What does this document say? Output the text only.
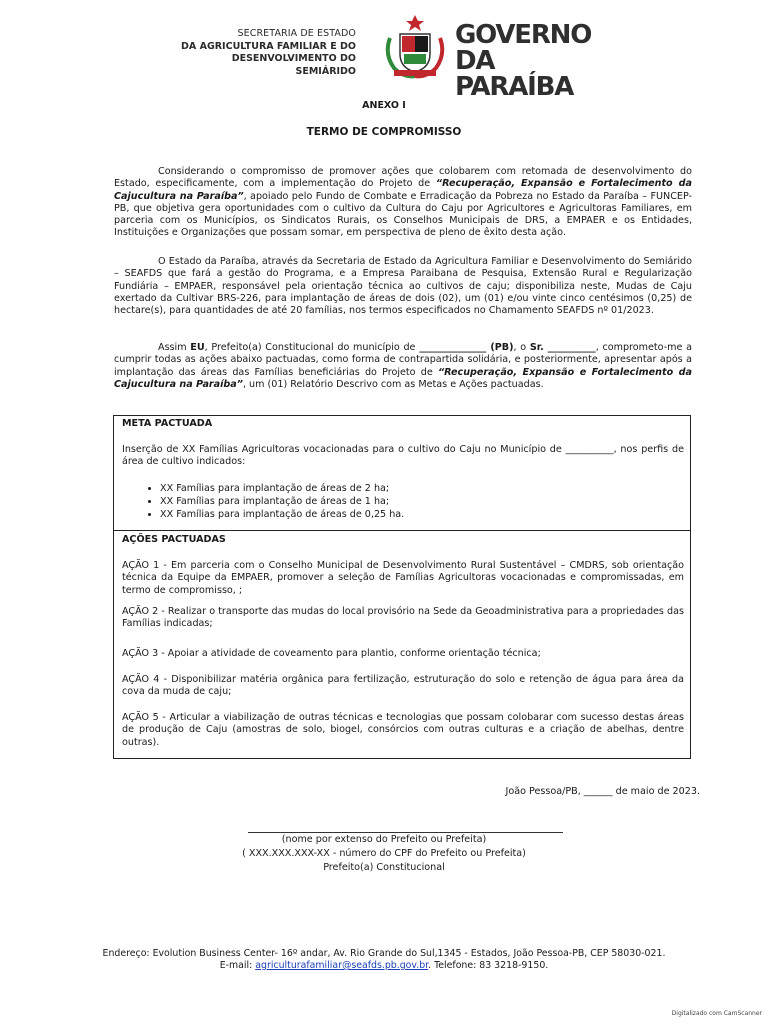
SECRETARIA DE ESTADO
DA AGRICULTURA FAMILIAR E DO
DESENVOLVIMENTO DO SEMIÁRIDO
GOVERNO
DA PARAÍBA
ANEXO I
TERMO DE COMPROMISSO

Considerando o compromisso de promover ações que colobarem com retomada de desenvolvimento do Estado, especificamente, com a implementação do Projeto de “Recuperação, Expansão e Fortalecimento da Cajucultura na Paraíba”, apoiado pelo Fundo de Combate e Erradicação da Pobreza no Estado da Paraíba – FUNCEP-PB, que objetiva gera oportunidades com o cultivo da Cultura do Caju por Agricultores e Agricultoras Familiares, em parceria com os Municípios, os Sindicatos Rurais, os Conselhos Municipais de DRS, a EMPAER e os Entidades, Instituições e Organizações que possam somar, em perspectiva de pleno de êxito desta ação.

O Estado da Paraíba, através da Secretaria de Estado da Agricultura Familiar e Desenvolvimento do Semiárido – SEAFDS que fará a gestão do Programa, e a Empresa Paraibana de Pesquisa, Extensão Rural e Regularização Fundiária – EMPAER, responsável pela orientação técnica ao cultivos de caju; disponibiliza neste, Mudas de Caju exertado da Cultivar BRS-226, para implantação de áreas de dois (02), um (01) e/ou vinte cinco centésimos (0,25) de hectare(s), para quantidades de até 20 famílias, nos termos especificados no Chamamento SEAFDS nº 01/2023.

Assim EU, Prefeito(a) Constitucional do município de ______________ (PB), o Sr. __________, comprometo-me a cumprir todas as ações abaixo pactuadas, como forma de contrapartida solidária, e posteriormente, apresentar após a implantação das áreas das Famílias beneficiárias do Projeto de “Recuperação, Expansão e Fortalecimento da Cajucultura na Paraíba”, um (01) Relatório Descrivo com as Metas e Ações pactuadas.

META PACTUADA
Inserção de XX Famílias Agricultoras vocacionadas para o cultivo do Caju no Município de __________, nos perfis de área de cultivo indicados:
• XX Famílias para implantação de áreas de 2 ha;
• XX Famílias para implantação de áreas de 1 ha;
• XX Famílias para implantação de áreas de 0,25 ha.
AÇÕES PACTUADAS
AÇÃO 1 - Em parceria com o Conselho Municipal de Desenvolvimento Rural Sustentável – CMDRS, sob orientação técnica da Equipe da EMPAER, promover a seleção de Famílias Agricultoras vocacionadas e compromissadas, em termo de compromisso, ;
AÇÃO 2 - Realizar o transporte das mudas do local provisório na Sede da Geoadministrativa para a propriedades das Famílias indicadas;
AÇÃO 3 - Apoiar a atividade de coveamento para plantio, conforme orientação técnica;
AÇÃO 4 - Disponibilizar matéria orgânica para fertilização, estruturação do solo e retenção de água para área da cova da muda de caju;
AÇÃO 5 - Articular a viabilização de outras técnicas e tecnologias que possam colobarar com sucesso destas áreas de produção de Caju (amostras de solo, biogel, consórcios com outras culturas e a criação de abelhas, dentre outras).
João Pessoa/PB, ______ de maio de 2023.
(nome por extenso do Prefeito ou Prefeita)
( XXX.XXX.XXX-XX - número do CPF do Prefeito ou Prefeita)
Prefeito(a) Constitucional
Endereço: Evolution Business Center- 16º andar, Av. Rio Grande do Sul,1345 - Estados, João Pessoa-PB, CEP 58030-021.
E-mail: agriculturafamiliar@seafds.pb.gov.br. Telefone: 83 3218-9150.
Digitalizado com CamScanner
